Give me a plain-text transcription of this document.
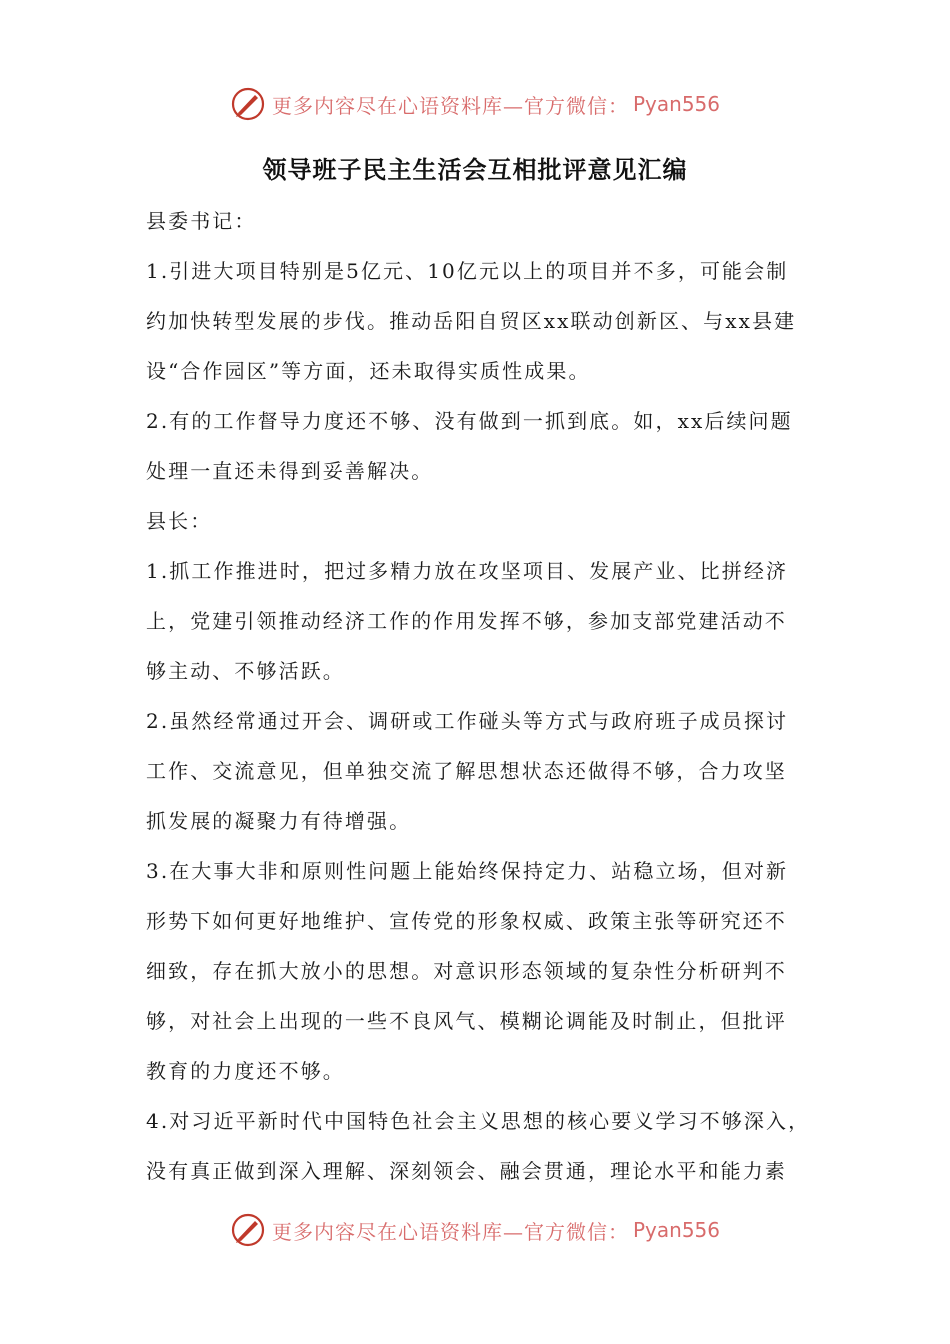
更多内容尽在心语资料库—官方微信： Pyan556
领导班子民主生活会互相批评意见汇编
县委书记：
1.引进大项目特别是5亿元、10亿元以上的项目并不多，可能会制
约加快转型发展的步伐。推动岳阳自贸区xx联动创新区、与xx县建
设“合作园区”等方面，还未取得实质性成果。
2.有的工作督导力度还不够、没有做到一抓到底。如，xx后续问题
处理一直还未得到妥善解决。
县长：
1.抓工作推进时，把过多精力放在攻坚项目、发展产业、比拼经济
上，党建引领推动经济工作的作用发挥不够，参加支部党建活动不
够主动、不够活跃。
2.虽然经常通过开会、调研或工作碰头等方式与政府班子成员探讨
工作、交流意见，但单独交流了解思想状态还做得不够，合力攻坚
抓发展的凝聚力有待增强。
3.在大事大非和原则性问题上能始终保持定力、站稳立场，但对新
形势下如何更好地维护、宣传党的形象权威、政策主张等研究还不
细致，存在抓大放小的思想。对意识形态领域的复杂性分析研判不
够，对社会上出现的一些不良风气、模糊论调能及时制止，但批评
教育的力度还不够。
4.对习近平新时代中国特色社会主义思想的核心要义学习不够深入，
没有真正做到深入理解、深刻领会、融会贯通，理论水平和能力素
更多内容尽在心语资料库—官方微信： Pyan556
